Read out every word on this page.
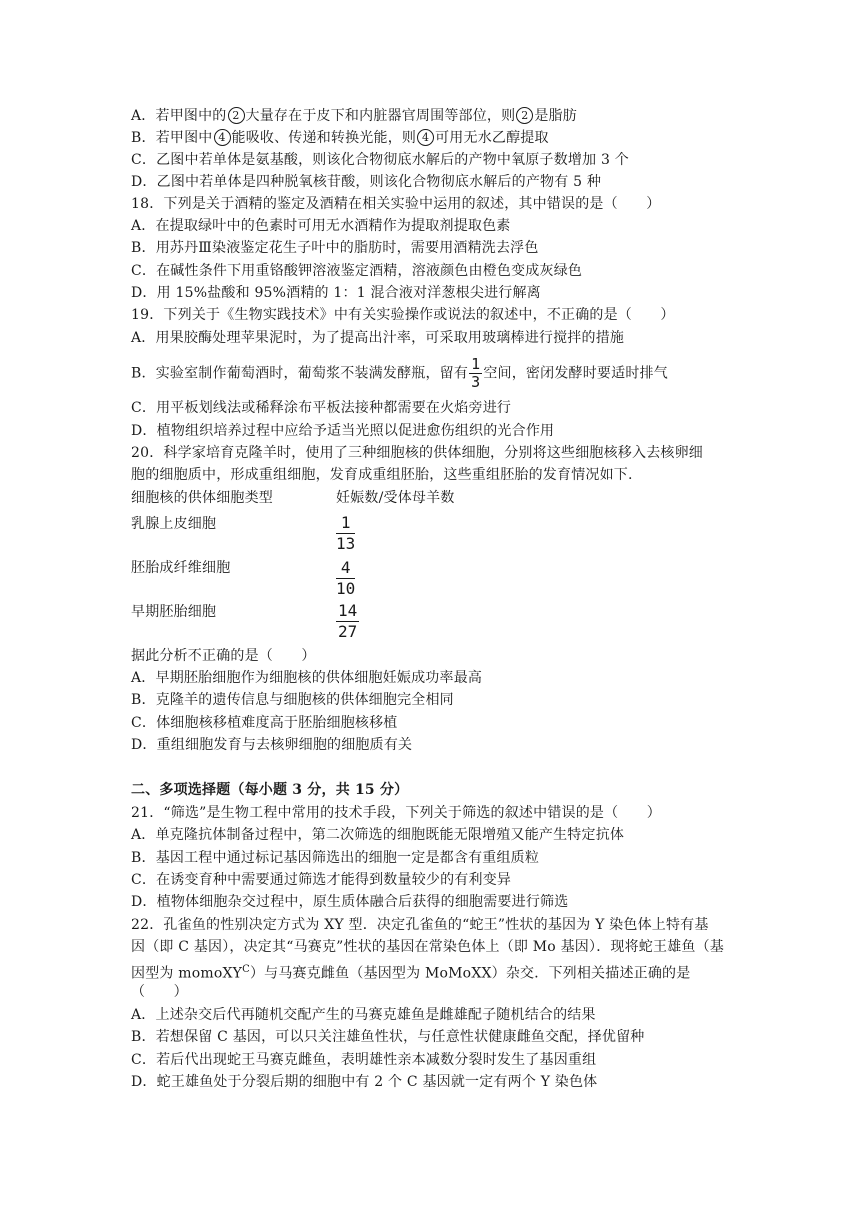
A．若甲图中的 2 大量存在于皮下和内脏器官周围等部位，则 2 是脂肪
B．若甲图中 4 能吸收、传递和转换光能，则 4 可用无水乙醇提取
C．乙图中若单体是氨基酸，则该化合物彻底水解后的产物中氧原子数增加 3 个
D．乙图中若单体是四种脱氧核苷酸，则该化合物彻底水解后的产物有 5 种
18．下列是关于酒精的鉴定及酒精在相关实验中运用的叙述，其中错误的是（　　）
A．在提取绿叶中的色素时可用无水酒精作为提取剂提取色素
B．用苏丹Ⅲ染液鉴定花生子叶中的脂肪时，需要用酒精洗去浮色
C．在碱性条件下用重铬酸钾溶液鉴定酒精，溶液颜色由橙色变成灰绿色
D．用 15%盐酸和 95%酒精的 1：1 混合液对洋葱根尖进行解离
19．下列关于《生物实践技术》中有关实验操作或说法的叙述中，不正确的是（　　）
A．用果胶酶处理苹果泥时，为了提高出汁率，可采取用玻璃棒进行搅拌的措施
B．实验室制作葡萄酒时，葡萄浆不装满发酵瓶，留有 $\frac{1}{3}$ 空间，密闭发酵时要适时排气
C．用平板划线法或稀释涂布平板法接种都需要在火焰旁进行
D．植物组织培养过程中应给予适当光照以促进愈伤组织的光合作用
20．科学家培育克隆羊时，使用了三种细胞核的供体细胞，分别将这些细胞核移入去核卵细
胞的细胞质中，形成重组细胞，发育成重组胚胎，这些重组胚胎的发育情况如下.
细胞核的供体细胞类型	妊娠数/受体母羊数
乳腺上皮细胞	$\frac{1}{13}$
胚胎成纤维细胞	$\frac{4}{10}$
早期胚胎细胞	$\frac{14}{27}$
据此分析不正确的是（　　）
A．早期胚胎细胞作为细胞核的供体细胞妊娠成功率最高
B．克隆羊的遗传信息与细胞核的供体细胞完全相同
C．体细胞核移植难度高于胚胎细胞核移植
D．重组细胞发育与去核卵细胞的细胞质有关
二、多项选择题（每小题 3 分，共 15 分）
21．“筛选”是生物工程中常用的技术手段，下列关于筛选的叙述中错误的是（　　）
A．单克隆抗体制备过程中，第二次筛选的细胞既能无限增殖又能产生特定抗体
B．基因工程中通过标记基因筛选出的细胞一定是都含有重组质粒
C．在诱变育种中需要通过筛选才能得到数量较少的有利变异
D．植物体细胞杂交过程中，原生质体融合后获得的细胞需要进行筛选
22．孔雀鱼的性别决定方式为 XY 型．决定孔雀鱼的“蛇王”性状的基因为 Y 染色体上特有基
因（即 C 基因），决定其“马赛克”性状的基因在常染色体上（即 Mo 基因）．现将蛇王雄鱼（基
因型为 momoXY$^C$）与马赛克雌鱼（基因型为 MoMoXX）杂交．下列相关描述正确的是
（　　）
A．上述杂交后代再随机交配产生的马赛克雄鱼是雌雄配子随机结合的结果
B．若想保留 C 基因，可以只关注雄鱼性状，与任意性状健康雌鱼交配，择优留种
C．若后代出现蛇王马赛克雌鱼，表明雄性亲本减数分裂时发生了基因重组
D．蛇王雄鱼处于分裂后期的细胞中有 2 个 C 基因就一定有两个 Y 染色体
